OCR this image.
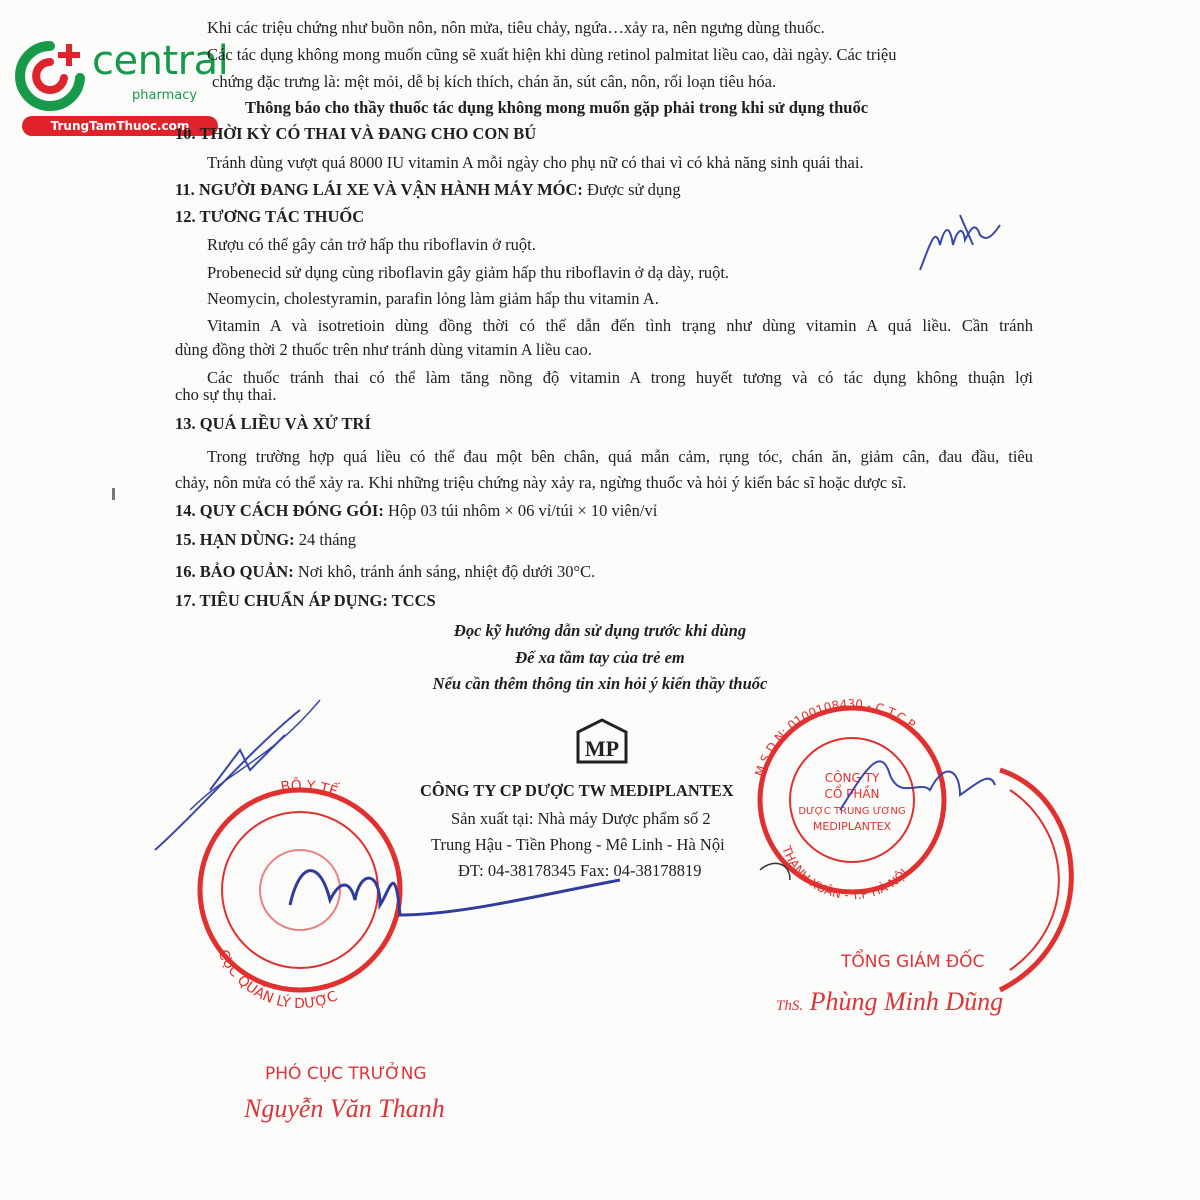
central
pharmacy
TrungTamThuoc.com
Khi các triệu chứng như buồn nôn, nôn mửa, tiêu chảy, ngứa…xảy ra, nên ngưng dùng thuốc.
Các tác dụng không mong muốn cũng sẽ xuất hiện khi dùng retinol palmitat liều cao, dài ngày. Các triệu
chứng đặc trưng là: mệt mỏi, dễ bị kích thích, chán ăn, sút cân, nôn, rối loạn tiêu hóa.
Thông báo cho thầy thuốc tác dụng không mong muốn gặp phải trong khi sử dụng thuốc
10. THỜI KỲ CÓ THAI VÀ ĐANG CHO CON BÚ
Tránh dùng vượt quá 8000 IU vitamin A mỗi ngày cho phụ nữ có thai vì có khả năng sinh quái thai.
11. NGƯỜI ĐANG LÁI XE VÀ VẬN HÀNH MÁY MÓC: Được sử dụng
12. TƯƠNG TÁC THUỐC
Rượu có thể gây cản trở hấp thu riboflavin ở ruột.
Probenecid sử dụng cùng riboflavin gây giảm hấp thu riboflavin ở dạ dày, ruột.
Neomycin, cholestyramin, parafin lỏng làm giảm hấp thu vitamin A.
Vitamin A và isotretioin dùng đồng thời có thể dẫn đến tình trạng như dùng vitamin A quá liều. Cần tránh
dùng đồng thời 2 thuốc trên như tránh dùng vitamin A liều cao.
Các thuốc tránh thai có thể làm tăng nồng độ vitamin A trong huyết tương và có tác dụng không thuận lợi
cho sự thụ thai.
13. QUÁ LIỀU VÀ XỬ TRÍ
Trong trường hợp quá liều có thể đau một bên chân, quá mẫn cảm, rụng tóc, chán ăn, giảm cân, đau đầu, tiêu
chảy, nôn mửa có thể xảy ra. Khi những triệu chứng này xảy ra, ngừng thuốc và hỏi ý kiến bác sĩ hoặc dược sĩ.
14. QUY CÁCH ĐÓNG GÓI: Hộp 03 túi nhôm × 06 vỉ/túi × 10 viên/vỉ
15. HẠN DÙNG: 24 tháng
16. BẢO QUẢN: Nơi khô, tránh ánh sáng, nhiệt độ dưới 30°C.
17. TIÊU CHUẨN ÁP DỤNG: TCCS
Đọc kỹ hướng dẫn sử dụng trước khi dùng
Để xa tầm tay của trẻ em
Nếu cần thêm thông tin xin hỏi ý kiến thầy thuốc
BỘ Y TẾ
CỤC QUẢN LÝ DƯỢC
M.S.D.N: 0100108430 - C.T.C.P
THANH XUÂN - T.P HÀ NỘI
CÔNG TY
CỔ PHẦN
DƯỢC TRUNG ƯƠNG
MEDIPLANTEX
MP
CÔNG TY CP DƯỢC TW MEDIPLANTEX
Sản xuất tại: Nhà máy Dược phẩm số 2
Trung Hậu - Tiền Phong - Mê Linh - Hà Nội
ĐT: 04-38178345 Fax: 04-38178819
TỔNG GIÁM ĐỐC
ThS. Phùng Minh Dũng
PHÓ CỤC TRƯỞNG
Nguyễn Văn Thanh
